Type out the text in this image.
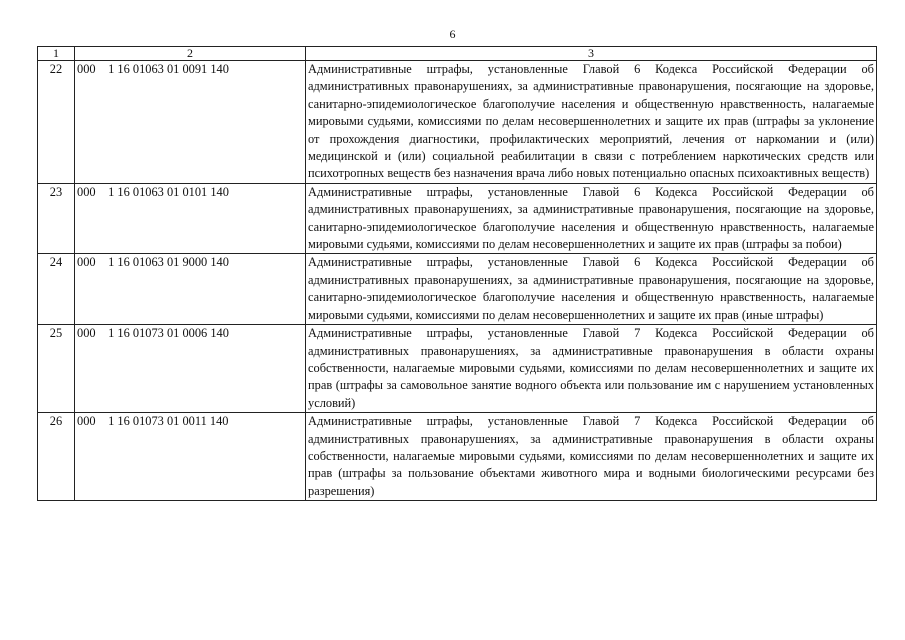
6
1	2	3
22	000 1 16 01063 01 0091 140	Административные штрафы, установленные Главой 6 Кодекса Российской Федерации об административных правонарушениях, за административные правонарушения, посягающие на здоровье, санитарно-эпидемиологическое благополучие населения и общественную нравственность, налагаемые мировыми судьями, комиссиями по делам несовершеннолетних и защите их прав (штрафы за уклонение от прохождения диагностики, профилактических мероприятий, лечения от наркомании и (или) медицинской и (или) социальной реабилитации в связи с потреблением наркотических средств или психотропных веществ без назначения врача либо новых потенциально опасных психоактивных веществ)
23	000 1 16 01063 01 0101 140	Административные штрафы, установленные Главой 6 Кодекса Российской Федерации об административных правонарушениях, за административные правонарушения, посягающие на здоровье, санитарно-эпидемиологическое благополучие населения и общественную нравственность, налагаемые мировыми судьями, комиссиями по делам несовершеннолетних и защите их прав (штрафы за побои)
24	000 1 16 01063 01 9000 140	Административные штрафы, установленные Главой 6 Кодекса Российской Федерации об административных правонарушениях, за административные правонарушения, посягающие на здоровье, санитарно-эпидемиологическое благополучие населения и общественную нравственность, налагаемые мировыми судьями, комиссиями по делам несовершеннолетних и защите их прав (иные штрафы)
25	000 1 16 01073 01 0006 140	Административные штрафы, установленные Главой 7 Кодекса Российской Федерации об административных правонарушениях, за административные правонарушения в области охраны собственности, налагаемые мировыми судьями, комиссиями по делам несовершеннолетних и защите их прав (штрафы за самовольное занятие водного объекта или пользование им с нарушением установленных условий)
26	000 1 16 01073 01 0011 140	Административные штрафы, установленные Главой 7 Кодекса Российской Федерации об административных правонарушениях, за административные правонарушения в области охраны собственности, налагаемые мировыми судьями, комиссиями по делам несовершеннолетних и защите их прав (штрафы за пользование объектами животного мира и водными биологическими ресурсами без разрешения)
